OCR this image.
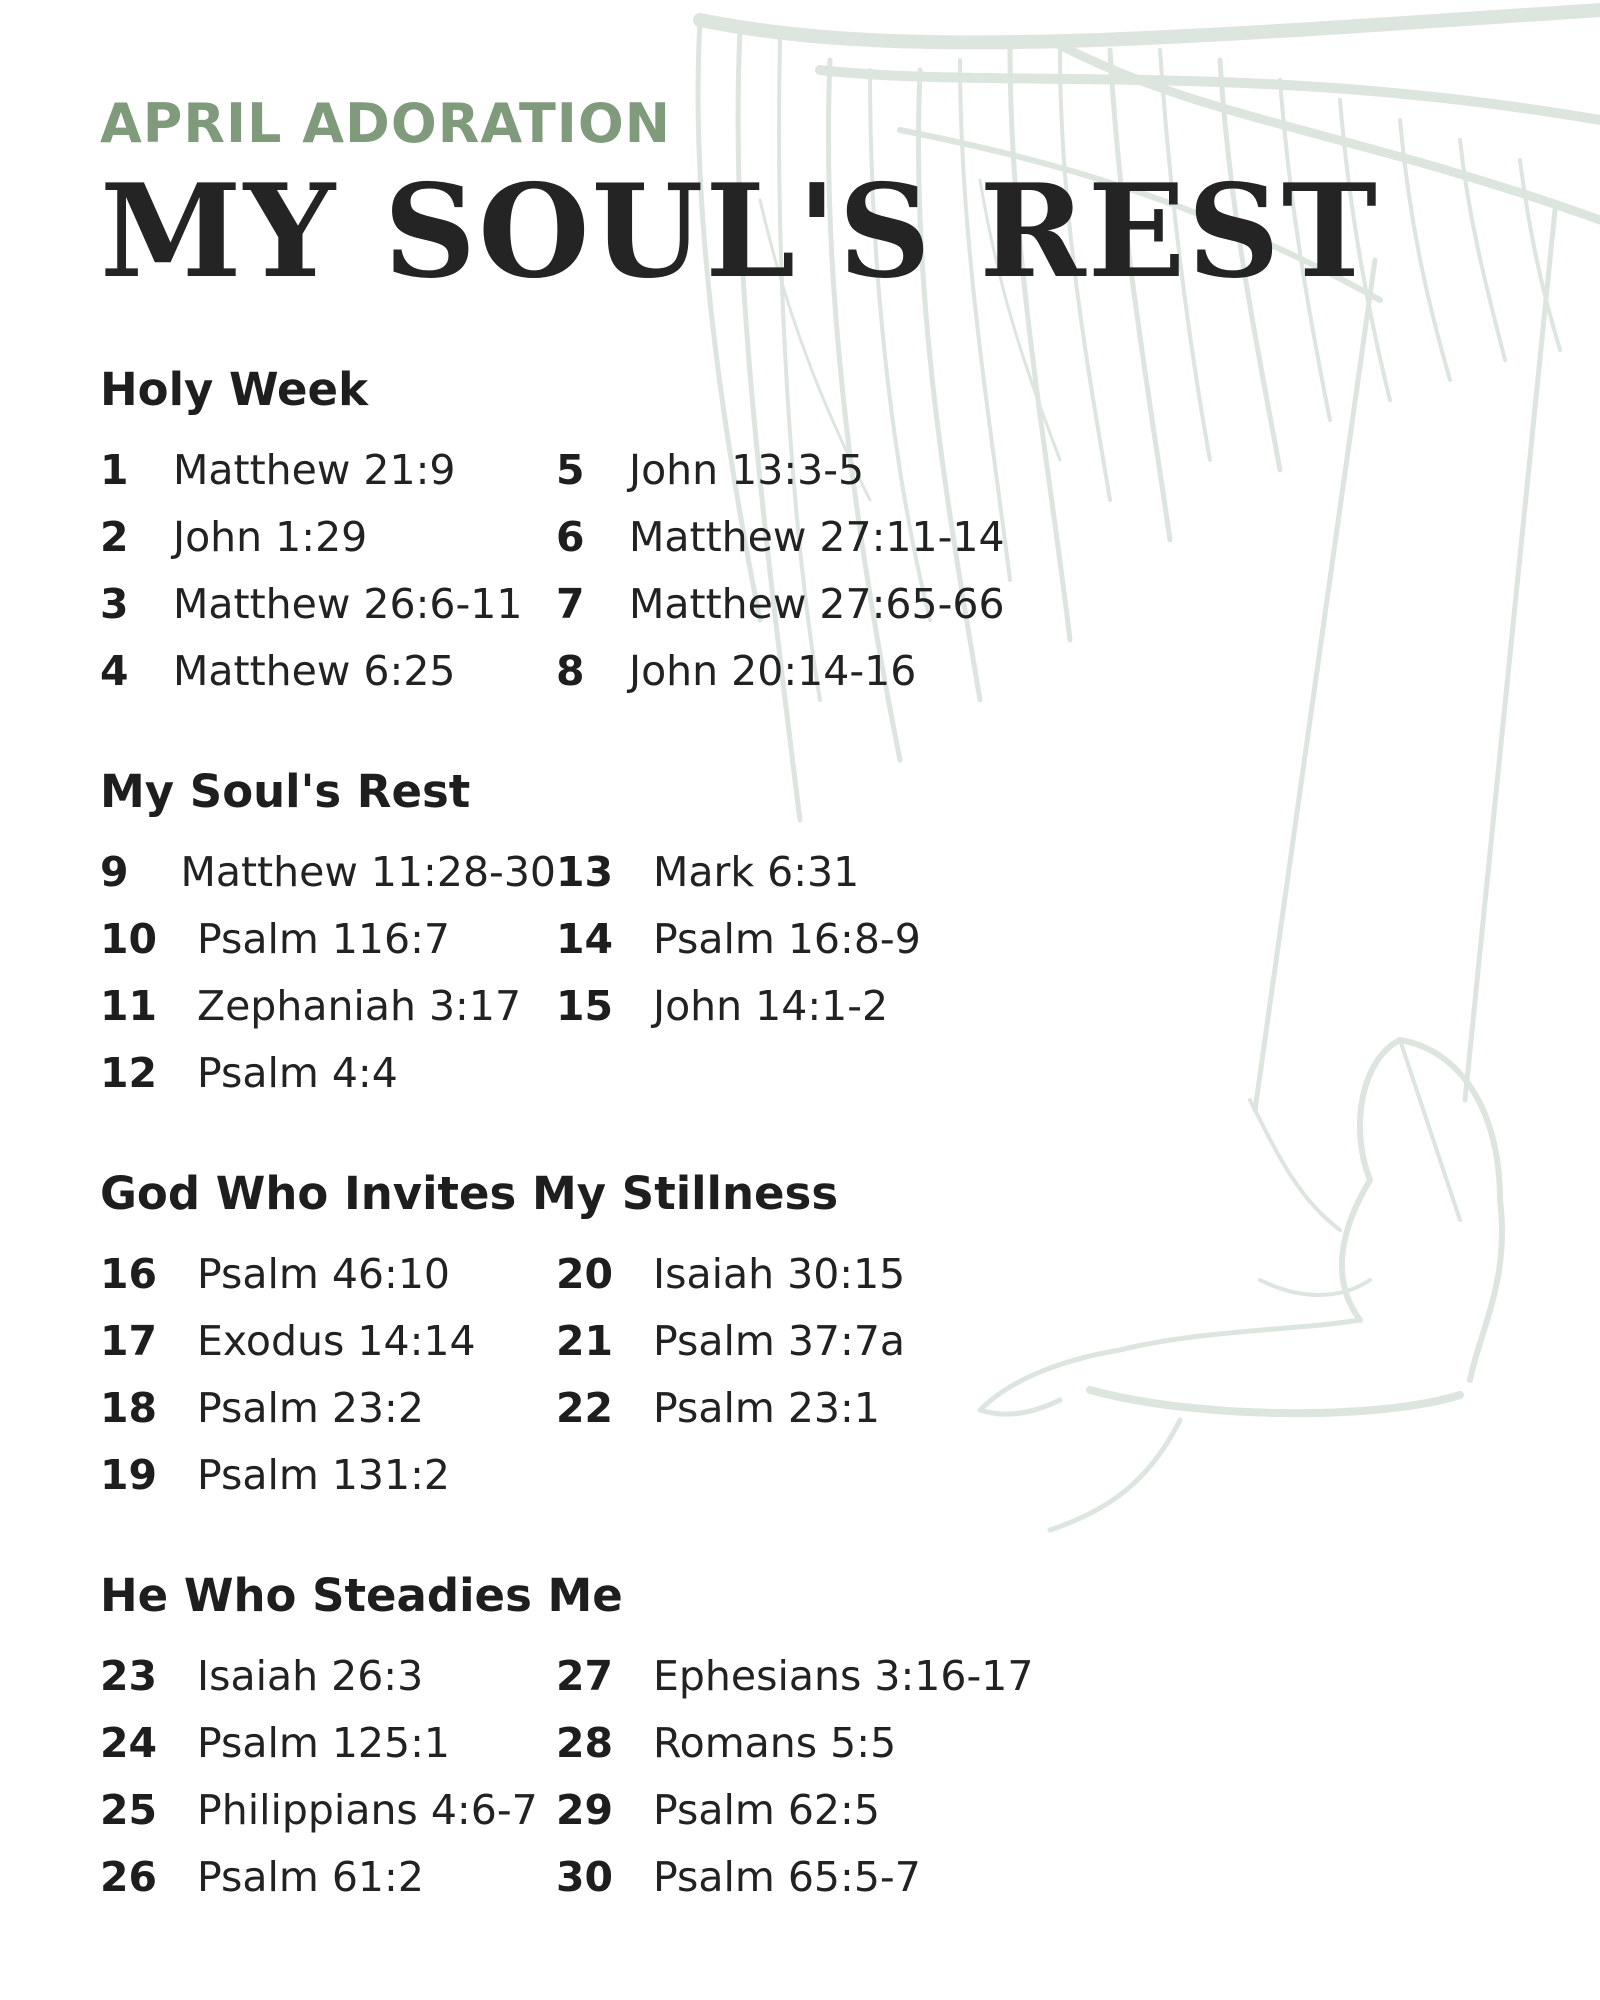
APRIL ADORATION
MY SOUL'S REST
Holy Week
1	Matthew 21:9
2	John 1:29
3	Matthew 26:6-11
4	Matthew 6:25
5	John 13:3-5
6	Matthew 27:11-14
7	Matthew 27:65-66
8	John 20:14-16
My Soul's Rest
9	Matthew 11:28-30
10 Psalm 116:7
11 Zephaniah 3:17
12 Psalm 4:4
13 Mark 6:31
14 Psalm 16:8-9
15 John 14:1-2
God Who Invites My Stillness
16 Psalm 46:10
17 Exodus 14:14
18 Psalm 23:2
19 Psalm 131:2
20 Isaiah 30:15
21 Psalm 37:7a
22 Psalm 23:1
He Who Steadies Me
23 Isaiah 26:3
24 Psalm 125:1
25 Philippians 4:6-7
26 Psalm 61:2
27 Ephesians 3:16-17
28 Romans 5:5
29 Psalm 62:5
30 Psalm 65:5-7
